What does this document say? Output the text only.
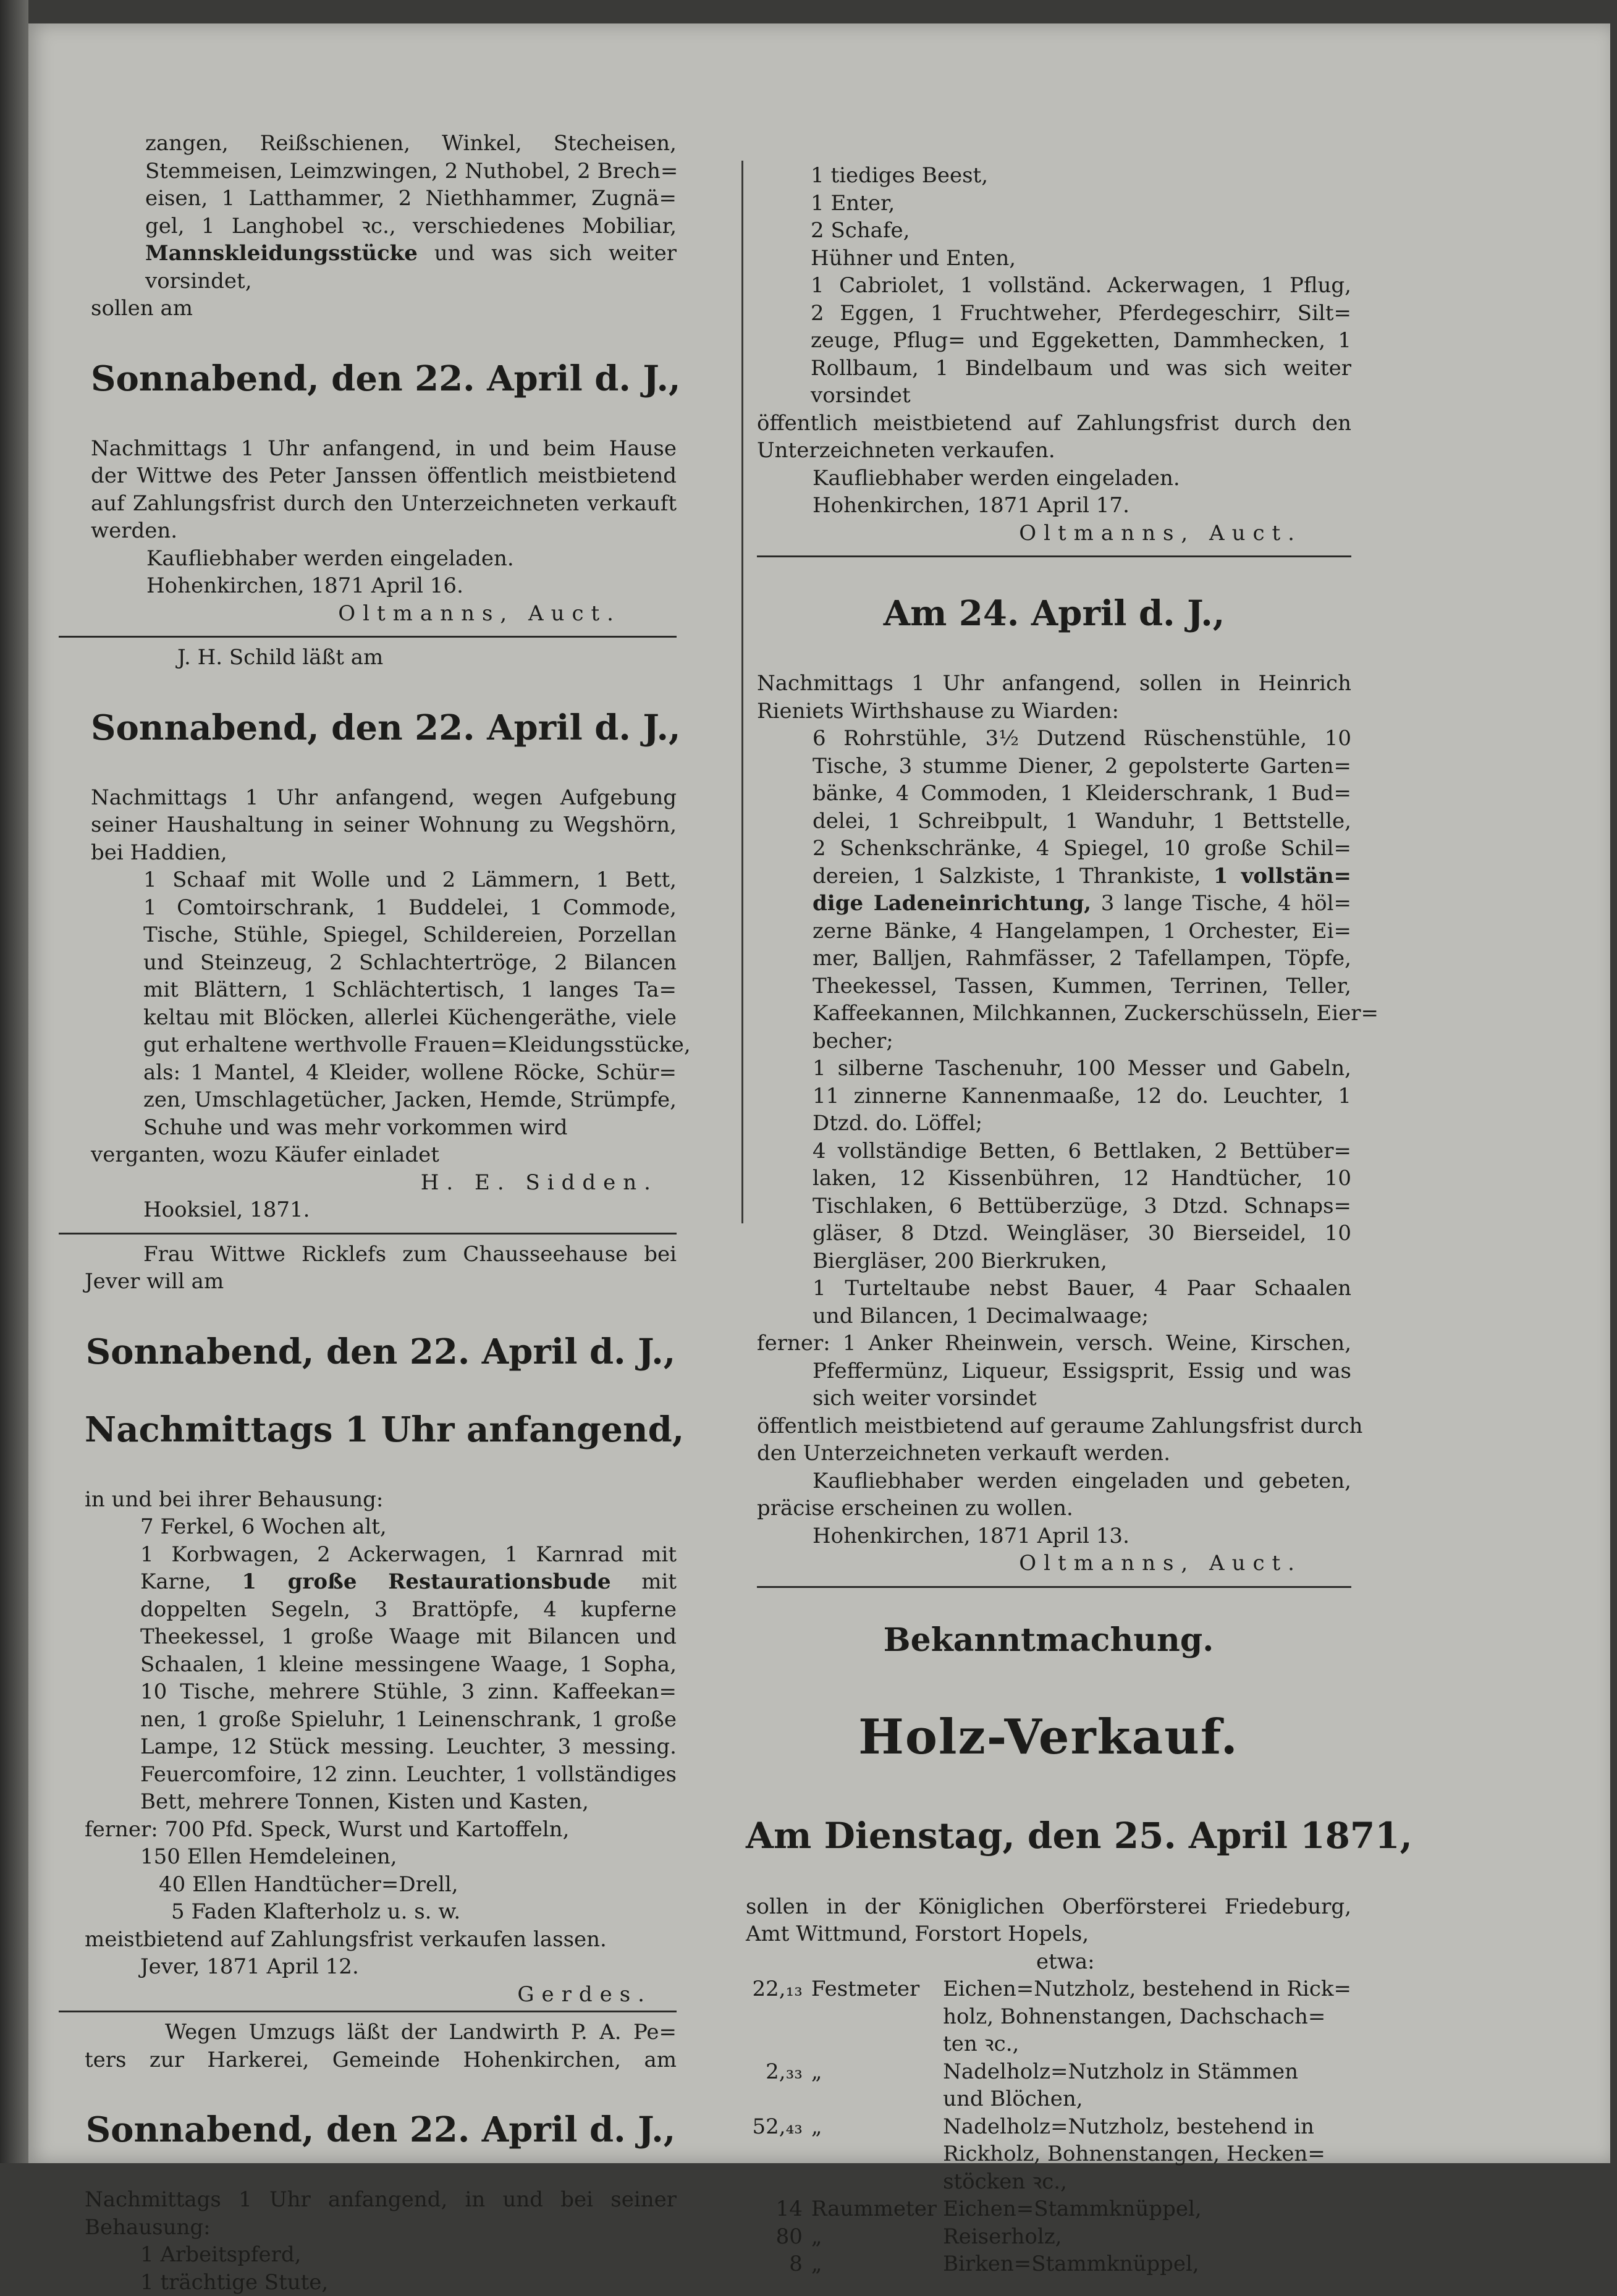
zangen, Reißschienen, Winkel, Stecheisen,

Stemmeisen, Leimzwingen, 2 Nuthobel, 2 Brech=

eisen, 1 Latthammer, 2 Niethhammer, Zugnä=

gel, 1 Langhobel ꝛc., verschiedenes Mobiliar,

Mannskleidungsstücke und was sich weiter

vorsindet,

sollen am

Sonnabend, den 22. April d. J.,

Nachmittags 1 Uhr anfangend, in und beim Hause

der Wittwe des Peter Janssen öffentlich meistbietend

auf Zahlungsfrist durch den Unterzeichneten verkauft

werden.

Kaufliebhaber werden eingeladen.

Hohenkirchen, 1871 April 16.

Oltmanns, Auct.

J. H. Schild läßt am

Sonnabend, den 22. April d. J.,

Nachmittags 1 Uhr anfangend, wegen Aufgebung

seiner Haushaltung in seiner Wohnung zu Wegshörn,

bei Haddien,

1 Schaaf mit Wolle und 2 Lämmern, 1 Bett,

1 Comtoirschrank, 1 Buddelei, 1 Commode,

Tische, Stühle, Spiegel, Schildereien, Porzellan

und Steinzeug, 2 Schlachtertröge, 2 Bilancen

mit Blättern, 1 Schlächtertisch, 1 langes Ta=

keltau mit Blöcken, allerlei Küchengeräthe, viele

gut erhaltene werthvolle Frauen=Kleidungsstücke,

als: 1 Mantel, 4 Kleider, wollene Röcke, Schür=

zen, Umschlagetücher, Jacken, Hemde, Strümpfe,

Schuhe und was mehr vorkommen wird

verganten, wozu Käufer einladet

H. E. Sidden.

Hooksiel, 1871.

Frau Wittwe Ricklefs zum Chausseehause bei

Jever will am

Sonnabend, den 22. April d. J.,

Nachmittags 1 Uhr anfangend,

in und bei ihrer Behausung:

7 Ferkel, 6 Wochen alt,

1 Korbwagen, 2 Ackerwagen, 1 Karnrad mit

Karne, 1 große Restaurationsbude mit

doppelten Segeln, 3 Brattöpfe, 4 kupferne

Theekessel, 1 große Waage mit Bilancen und

Schaalen, 1 kleine messingene Waage, 1 Sopha,

10 Tische, mehrere Stühle, 3 zinn. Kaffeekan=

nen, 1 große Spieluhr, 1 Leinenschrank, 1 große

Lampe, 12 Stück messing. Leuchter, 3 messing.

Feuercomfoire, 12 zinn. Leuchter, 1 vollständiges

Bett, mehrere Tonnen, Kisten und Kasten,

ferner: 700 Pfd. Speck, Wurst und Kartoffeln,

150 Ellen Hemdeleinen,

40 Ellen Handtücher=Drell,

5 Faden Klafterholz u. s. w.

meistbietend auf Zahlungsfrist verkaufen lassen.

Jever, 1871 April 12.

Gerdes.

Wegen Umzugs läßt der Landwirth P. A. Pe=

ters zur Harkerei, Gemeinde Hohenkirchen, am

Sonnabend, den 22. April d. J.,

Nachmittags 1 Uhr anfangend, in und bei seiner

Behausung:

1 Arbeitspferd,

1 trächtige Stute,

1 tiediges Beest,

1 Enter,

2 Schafe,

Hühner und Enten,

1 Cabriolet, 1 vollständ. Ackerwagen, 1 Pflug,

2 Eggen, 1 Fruchtweher, Pferdegeschirr, Silt=

zeuge, Pflug= und Eggeketten, Dammhecken, 1

Rollbaum, 1 Bindelbaum und was sich weiter

vorsindet

öffentlich meistbietend auf Zahlungsfrist durch den

Unterzeichneten verkaufen.

Kaufliebhaber werden eingeladen.

Hohenkirchen, 1871 April 17.

Oltmanns, Auct.

Am 24. April d. J.,

Nachmittags 1 Uhr anfangend, sollen in Heinrich

Rieniets Wirthshause zu Wiarden:

6 Rohrstühle, 3½ Dutzend Rüschenstühle, 10

Tische, 3 stumme Diener, 2 gepolsterte Garten=

bänke, 4 Commoden, 1 Kleiderschrank, 1 Bud=

delei, 1 Schreibpult, 1 Wanduhr, 1 Bettstelle,

2 Schenkschränke, 4 Spiegel, 10 große Schil=

dereien, 1 Salzkiste, 1 Thrankiste, 1 vollstän=

dige Ladeneinrichtung, 3 lange Tische, 4 höl=

zerne Bänke, 4 Hangelampen, 1 Orchester, Ei=

mer, Balljen, Rahmfässer, 2 Tafellampen, Töpfe,

Theekessel, Tassen, Kummen, Terrinen, Teller,

Kaffeekannen, Milchkannen, Zuckerschüsseln, Eier=

becher;

1 silberne Taschenuhr, 100 Messer und Gabeln,

11 zinnerne Kannenmaaße, 12 do. Leuchter, 1

Dtzd. do. Löffel;

4 vollständige Betten, 6 Bettlaken, 2 Bettüber=

laken, 12 Kissenbühren, 12 Handtücher, 10

Tischlaken, 6 Bettüberzüge, 3 Dtzd. Schnaps=

gläser, 8 Dtzd. Weingläser, 30 Bierseidel, 10

Biergläser, 200 Bierkruken,

1 Turteltaube nebst Bauer, 4 Paar Schaalen

und Bilancen, 1 Decimalwaage;

ferner: 1 Anker Rheinwein, versch. Weine, Kirschen,

Pfeffermünz, Liqueur, Essigsprit, Essig und was

sich weiter vorsindet

öffentlich meistbietend auf geraume Zahlungsfrist durch

den Unterzeichneten verkauft werden.

Kaufliebhaber werden eingeladen und gebeten,

präcise erscheinen zu wollen.

Hohenkirchen, 1871 April 13.

Oltmanns, Auct.

Bekanntmachung.

Holz-Verkauf.

Am Dienstag, den 25. April 1871,

sollen in der Königlichen Oberförsterei Friedeburg,

Amt Wittmund, Forstort Hopels,

etwa:

22,₁₃	Festmeter	Eichen=Nutzholz, bestehend in Rick=
		holz, Bohnenstangen, Dachschach=
		ten ꝛc.,
2,₃₃	„	Nadelholz=Nutzholz in Stämmen
		und Blöchen,
52,₄₃	„	Nadelholz=Nutzholz, bestehend in
		Rickholz, Bohnenstangen, Hecken=
		stöcken ꝛc.,
14	Raummeter	Eichen=Stammknüppel,
80	„	Reiserholz,
8	„	Birken=Stammknüppel,
